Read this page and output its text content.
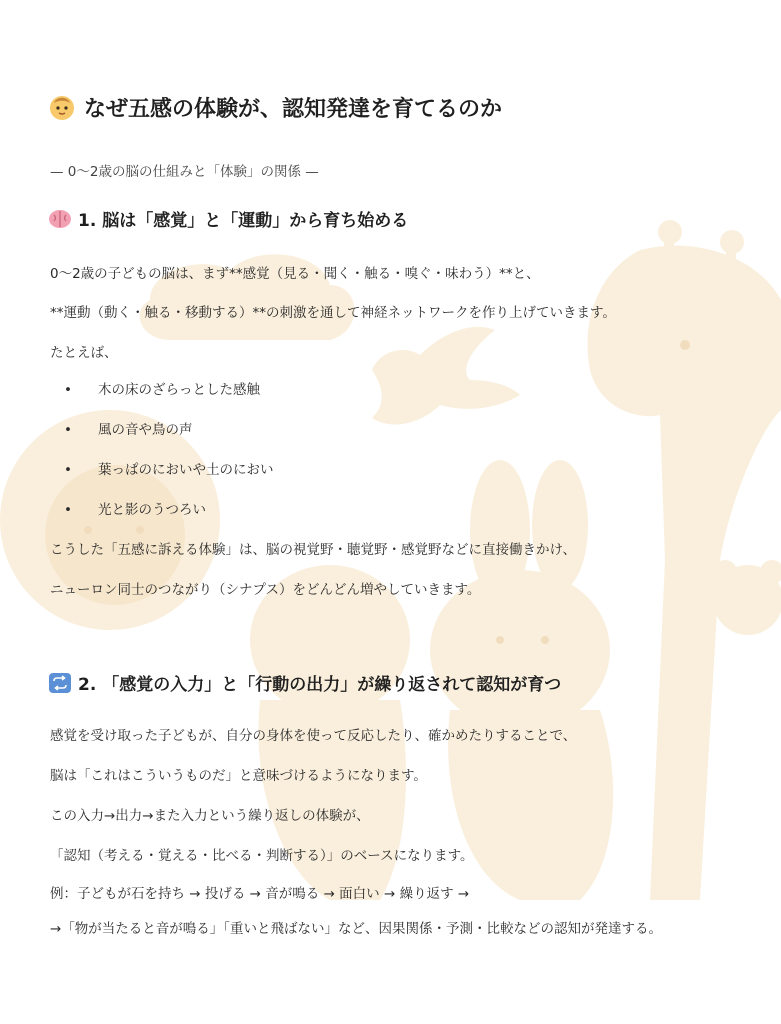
なぜ五感の体験が、認知発達を育てるのか
— 0〜2歳の脳の仕組みと「体験」の関係 —
1. 脳は「感覚」と「運動」から育ち始める
0〜2歳の子どもの脳は、まず**感覚（見る・聞く・触る・嗅ぐ・味わう）**と、
**運動（動く・触る・移動する）**の刺激を通して神経ネットワークを作り上げていきます。
たとえば、
• 木の床のざらっとした感触
• 風の音や鳥の声
• 葉っぱのにおいや土のにおい
• 光と影のうつろい
こうした「五感に訴える体験」は、脳の視覚野・聴覚野・感覚野などに直接働きかけ、
ニューロン同士のつながり（シナプス）をどんどん増やしていきます。
2. 「感覚の入力」と「行動の出力」が繰り返されて認知が育つ
感覚を受け取った子どもが、自分の身体を使って反応したり、確かめたりすることで、
脳は「これはこういうものだ」と意味づけるようになります。
この入力→出力→また入力という繰り返しの体験が、
「認知（考える・覚える・比べる・判断する）」のベースになります。
例：子どもが石を持ち → 投げる → 音が鳴る → 面白い → 繰り返す →
→「物が当たると音が鳴る」「重いと飛ばない」など、因果関係・予測・比較などの認知が発達する。
